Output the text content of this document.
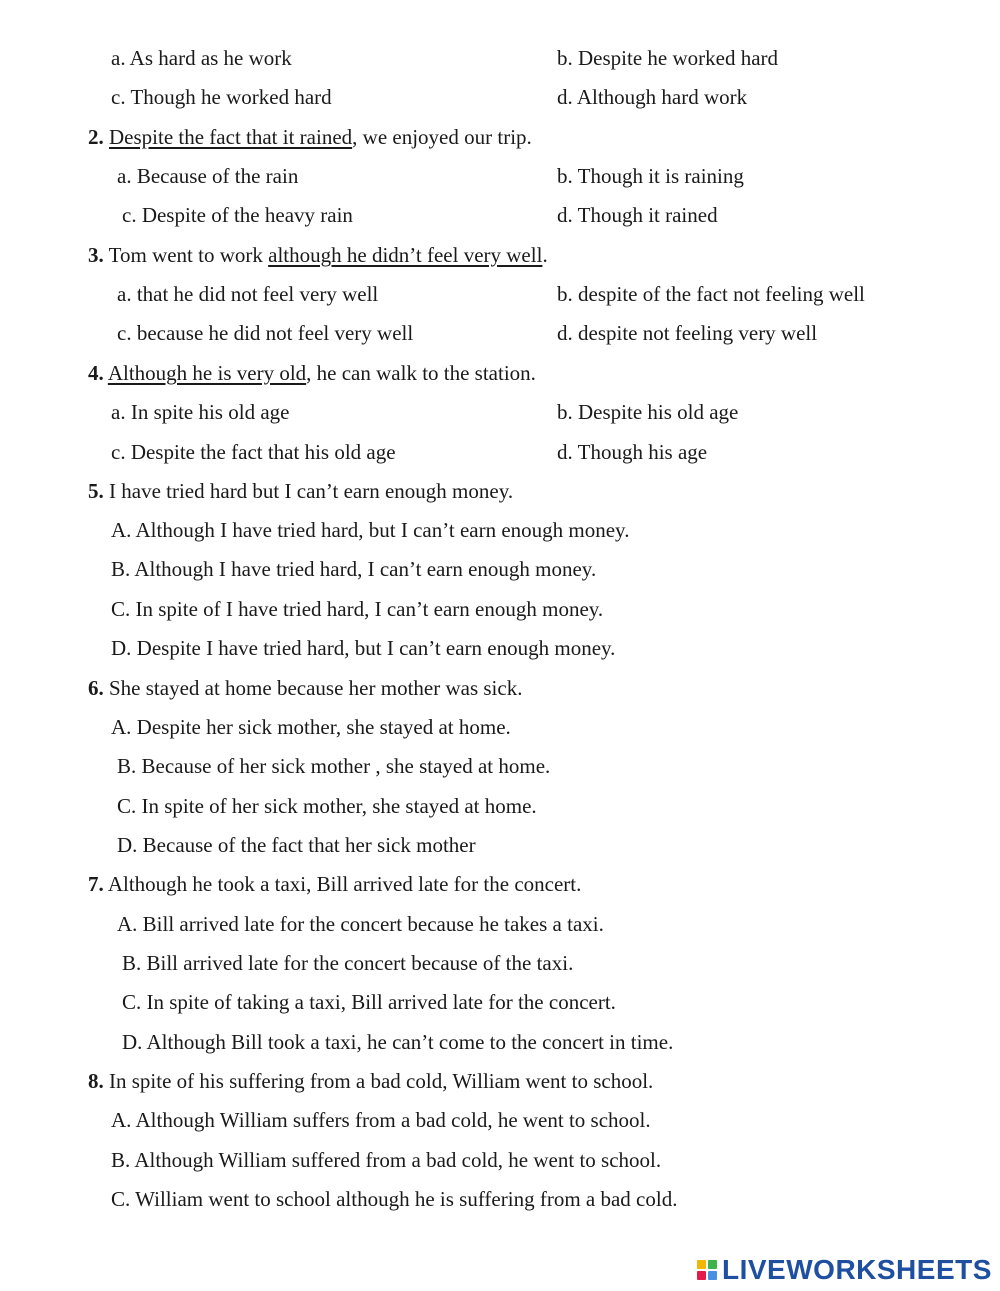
a. As hard as he work	b. Despite he worked hard
c. Though he worked hard	d. Although hard work
2. Despite the fact that it rained, we enjoyed our trip.
a. Because of the rain	b. Though it is raining
c. Despite of the heavy rain	d. Though it rained
3. Tom went to work although he didn’t feel very well.
a. that he did not feel very well	b. despite of the fact not feeling well
c. because he did not feel very well	d. despite not feeling very well
4. Although he is very old, he can walk to the station.
a. In spite his old age	b. Despite his old age
c. Despite the fact that his old age	d. Though his age
5. I have tried hard but I can’t earn enough money.
A. Although I have tried hard, but I can’t earn enough money.
B. Although I have tried hard, I can’t earn enough money.
C. In spite of I have tried hard, I can’t earn enough money.
D. Despite I have tried hard, but I can’t earn enough money.
6. She stayed at home because her mother was sick.
A. Despite her sick mother, she stayed at home.
B. Because of her sick mother , she stayed at home.
C. In spite of her sick mother, she stayed at home.
D. Because of the fact that her sick mother
7. Although he took a taxi, Bill arrived late for the concert.
A. Bill arrived late for the concert because he takes a taxi.
B. Bill arrived late for the concert because of the taxi.
C. In spite of taking a taxi, Bill arrived late for the concert.
D. Although Bill took a taxi, he can’t come to the concert in time.
8. In spite of his suffering from a bad cold, William went to school.
A. Although William suffers from a bad cold, he went to school.
B. Although William suffered from a bad cold, he went to school.
C. William went to school although he is suffering from a bad cold.
LIVEWORKSHEETS
